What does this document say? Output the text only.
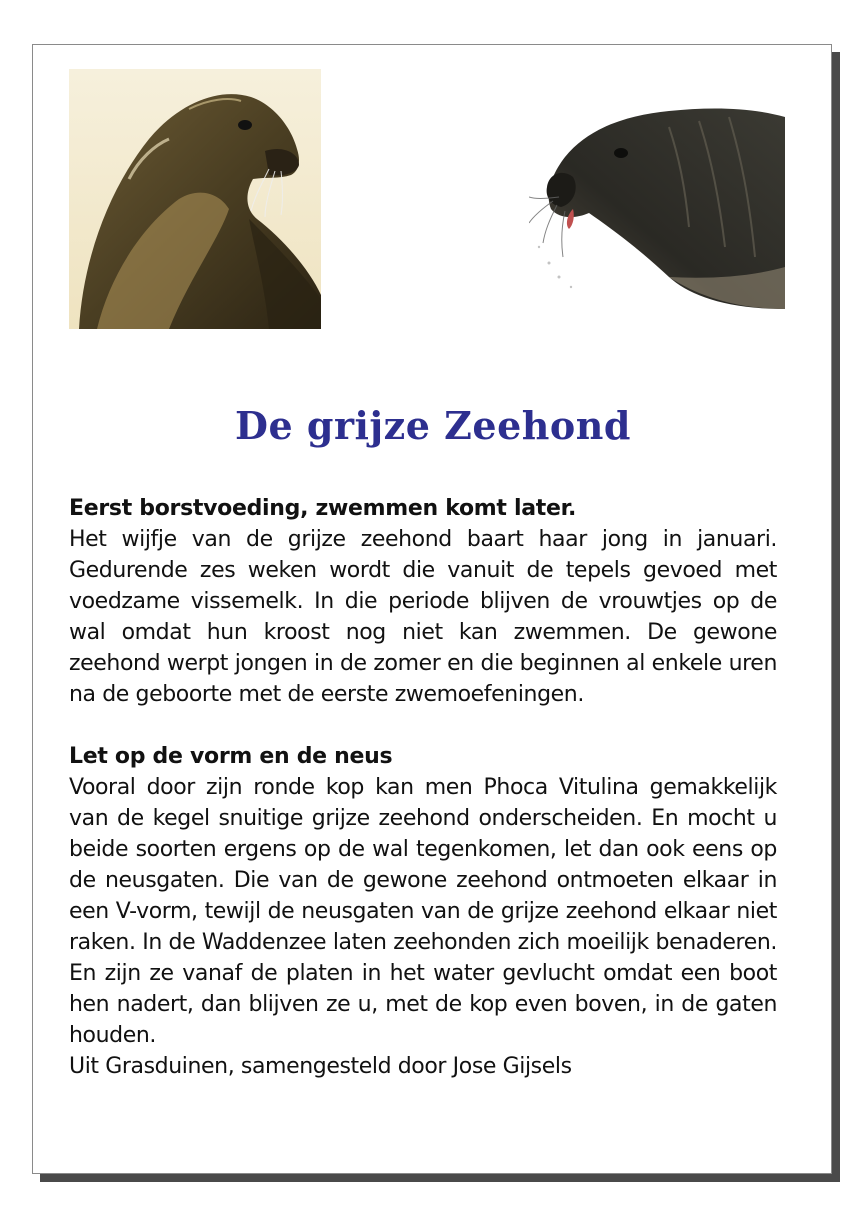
De grijze Zeehond

Eerst borstvoeding, zwemmen komt later.

Het wijfje van de grijze zeehond baart haar jong in januari. Gedurende zes weken wordt die vanuit de tepels gevoed met voedzame vissemelk. In die periode blijven de vrouwtjes op de wal omdat hun kroost nog niet kan zwemmen. De gewone zeehond werpt jongen in de zomer en die beginnen al enkele uren na de geboorte met de eerste zwemoefeningen.

Let op de vorm en de neus

Vooral door zijn ronde kop kan men Phoca Vitulina gemakkelijk van de kegel snuitige grijze zeehond onderscheiden. En mocht u beide soorten ergens op de wal tegenkomen, let dan ook eens op de neusgaten. Die van de gewone zeehond ontmoeten elkaar in een V-vorm, tewijl de neusgaten van de grijze zeehond elkaar niet raken. In de Waddenzee laten zeehonden zich moeilijk benaderen. En zijn ze vanaf de platen in het water gevlucht omdat een boot hen nadert, dan blijven ze u, met de kop even boven, in de gaten houden.

Uit Grasduinen, samengesteld door Jose Gijsels
